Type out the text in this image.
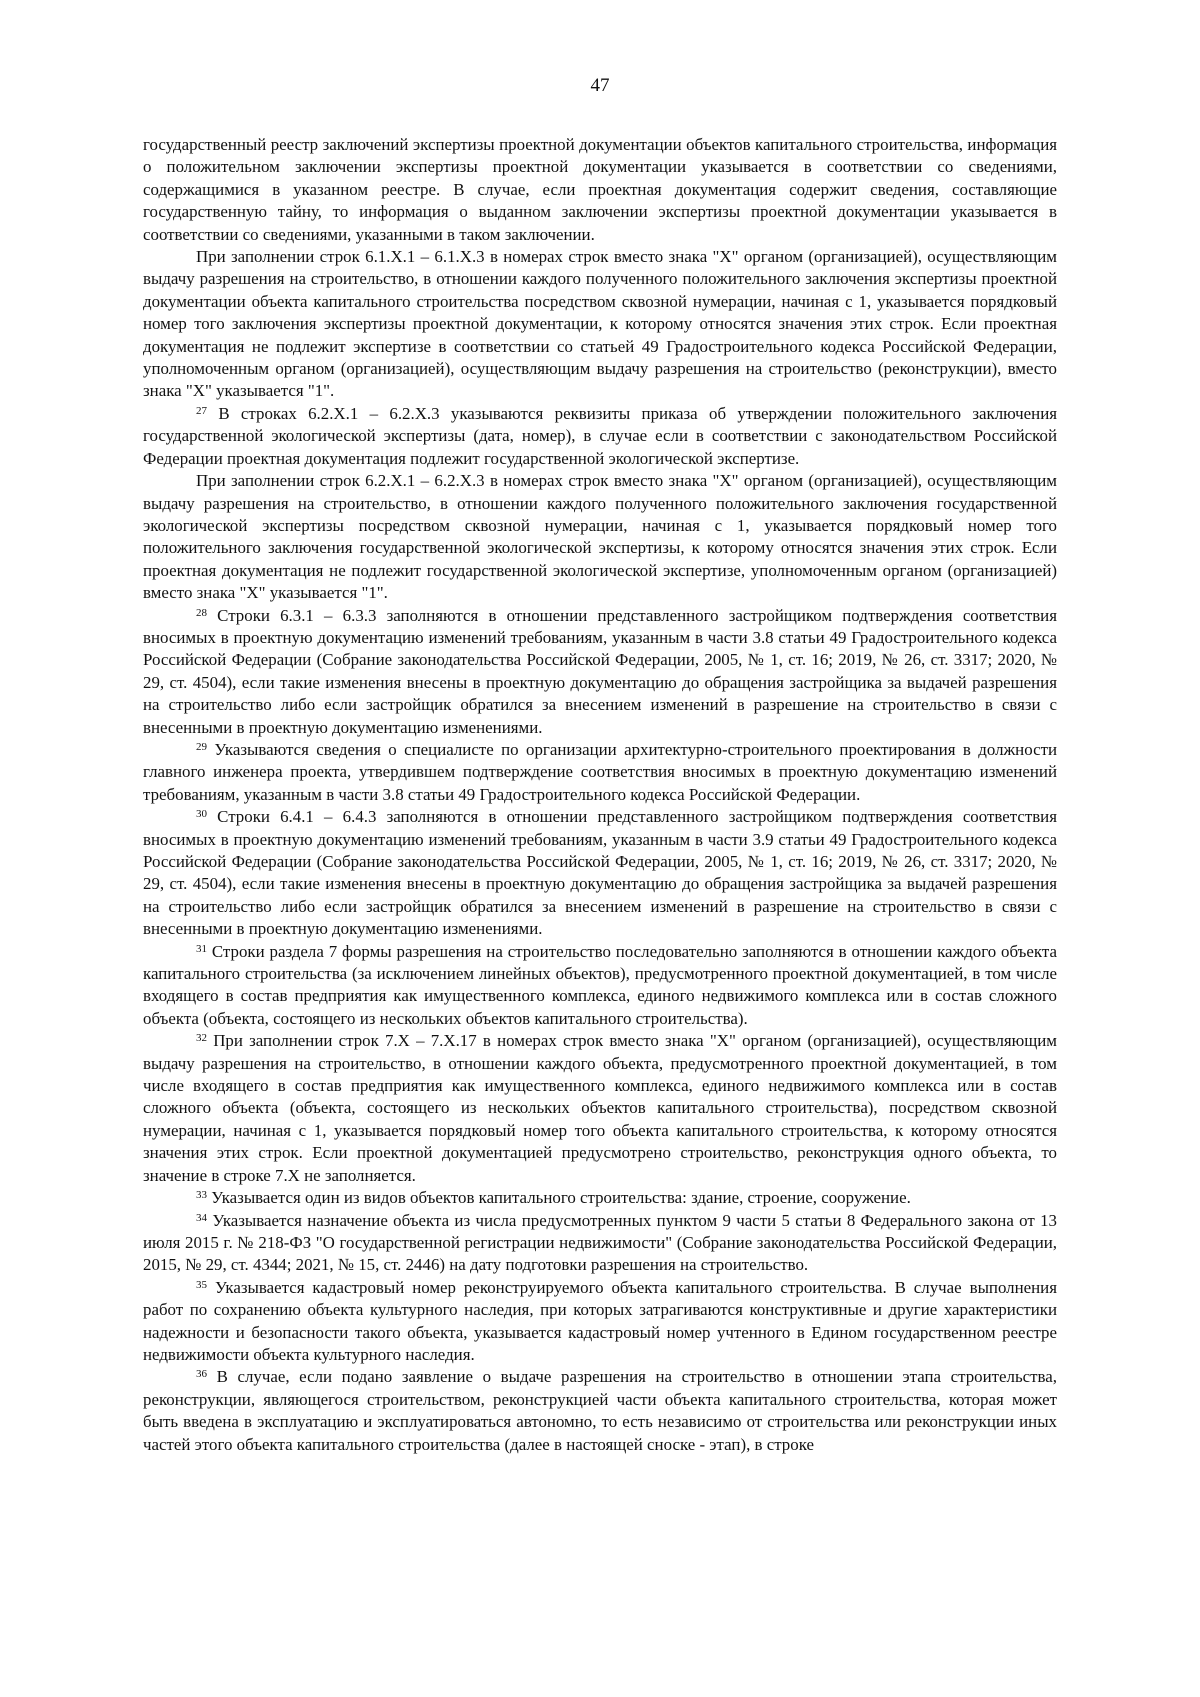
47

государственный реестр заключений экспертизы проектной документации объектов капитального строительства, информация о положительном заключении экспертизы проектной документации указывается в соответствии со сведениями, содержащимися в указанном реестре. В случае, если проектная документация содержит сведения, составляющие государственную тайну, то информация о выданном заключении экспертизы проектной документации указывается в соответствии со сведениями, указанными в таком заключении.

При заполнении строк 6.1.X.1 – 6.1.X.3 в номерах строк вместо знака "X" органом (организацией), осуществляющим выдачу разрешения на строительство, в отношении каждого полученного положительного заключения экспертизы проектной документации объекта капитального строительства посредством сквозной нумерации, начиная с 1, указывается порядковый номер того заключения экспертизы проектной документации, к которому относятся значения этих строк. Если проектная документация не подлежит экспертизе в соответствии со статьей 49 Градостроительного кодекса Российской Федерации, уполномоченным органом (организацией), осуществляющим выдачу разрешения на строительство (реконструкции), вместо знака "X" указывается "1".

$^{27}$ В строках 6.2.X.1 – 6.2.X.3 указываются реквизиты приказа об утверждении положительного заключения государственной экологической экспертизы (дата, номер), в случае если в соответствии с законодательством Российской Федерации проектная документация подлежит государственной экологической экспертизе.

При заполнении строк 6.2.X.1 – 6.2.X.3 в номерах строк вместо знака "X" органом (организацией), осуществляющим выдачу разрешения на строительство, в отношении каждого полученного положительного заключения государственной экологической экспертизы посредством сквозной нумерации, начиная с 1, указывается порядковый номер того положительного заключения государственной экологической экспертизы, к которому относятся значения этих строк. Если проектная документация не подлежит государственной экологической экспертизе, уполномоченным органом (организацией) вместо знака "X" указывается "1".

$^{28}$ Строки 6.3.1 – 6.3.3 заполняются в отношении представленного застройщиком подтверждения соответствия вносимых в проектную документацию изменений требованиям, указанным в части 3.8 статьи 49 Градостроительного кодекса Российской Федерации (Собрание законодательства Российской Федерации, 2005, № 1, ст. 16; 2019, № 26, ст. 3317; 2020, № 29, ст. 4504), если такие изменения внесены в проектную документацию до обращения застройщика за выдачей разрешения на строительство либо если застройщик обратился за внесением изменений в разрешение на строительство в связи с внесенными в проектную документацию изменениями.

$^{29}$ Указываются сведения о специалисте по организации архитектурно-строительного проектирования в должности главного инженера проекта, утвердившем подтверждение соответствия вносимых в проектную документацию изменений требованиям, указанным в части 3.8 статьи 49 Градостроительного кодекса Российской Федерации.

$^{30}$ Строки 6.4.1 – 6.4.3 заполняются в отношении представленного застройщиком подтверждения соответствия вносимых в проектную документацию изменений требованиям, указанным в части 3.9 статьи 49 Градостроительного кодекса Российской Федерации (Собрание законодательства Российской Федерации, 2005, № 1, ст. 16; 2019, № 26, ст. 3317; 2020, № 29, ст. 4504), если такие изменения внесены в проектную документацию до обращения застройщика за выдачей разрешения на строительство либо если застройщик обратился за внесением изменений в разрешение на строительство в связи с внесенными в проектную документацию изменениями.

$^{31}$ Строки раздела 7 формы разрешения на строительство последовательно заполняются в отношении каждого объекта капитального строительства (за исключением линейных объектов), предусмотренного проектной документацией, в том числе входящего в состав предприятия как имущественного комплекса, единого недвижимого комплекса или в состав сложного объекта (объекта, состоящего из нескольких объектов капитального строительства).

$^{32}$ При заполнении строк 7.X – 7.X.17 в номерах строк вместо знака "X" органом (организацией), осуществляющим выдачу разрешения на строительство, в отношении каждого объекта, предусмотренного проектной документацией, в том числе входящего в состав предприятия как имущественного комплекса, единого недвижимого комплекса или в состав сложного объекта (объекта, состоящего из нескольких объектов капитального строительства), посредством сквозной нумерации, начиная с 1, указывается порядковый номер того объекта капитального строительства, к которому относятся значения этих строк. Если проектной документацией предусмотрено строительство, реконструкция одного объекта, то значение в строке 7.X не заполняется.

$^{33}$ Указывается один из видов объектов капитального строительства: здание, строение, сооружение.

$^{34}$ Указывается назначение объекта из числа предусмотренных пунктом 9 части 5 статьи 8 Федерального закона от 13 июля 2015 г. № 218-ФЗ "О государственной регистрации недвижимости" (Собрание законодательства Российской Федерации, 2015, № 29, ст. 4344; 2021, № 15, ст. 2446) на дату подготовки разрешения на строительство.

$^{35}$ Указывается кадастровый номер реконструируемого объекта капитального строительства. В случае выполнения работ по сохранению объекта культурного наследия, при которых затрагиваются конструктивные и другие характеристики надежности и безопасности такого объекта, указывается кадастровый номер учтенного в Едином государственном реестре недвижимости объекта культурного наследия.

$^{36}$ В случае, если подано заявление о выдаче разрешения на строительство в отношении этапа строительства, реконструкции, являющегося строительством, реконструкцией части объекта капитального строительства, которая может быть введена в эксплуатацию и эксплуатироваться автономно, то есть независимо от строительства или реконструкции иных частей этого объекта капитального строительства (далее в настоящей сноске - этап), в строке
